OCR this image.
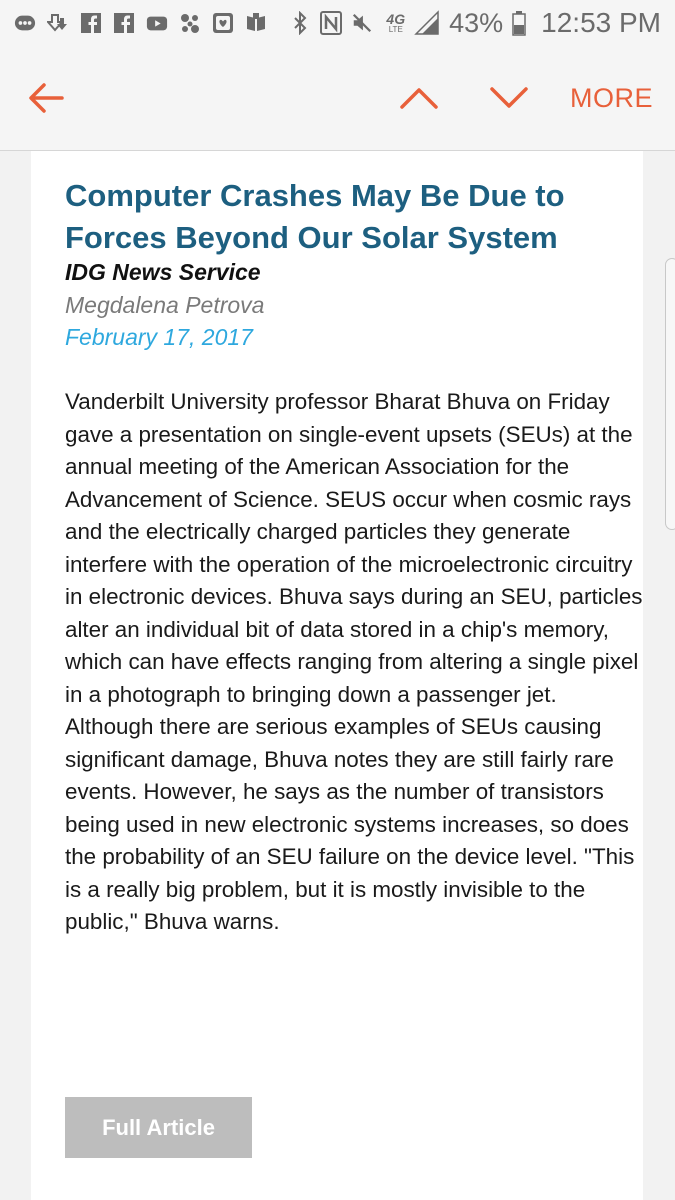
4G
LTE 43% 12:53 PM
MORE
Computer Crashes May Be Due to Forces Beyond Our Solar System
IDG News Service
Megdalena Petrova
February 17, 2017

Vanderbilt University professor Bharat Bhuva on Friday gave a presentation on single-event upsets (SEUs) at the annual meeting of the American Association for the Advancement of Science. SEUS occur when cosmic rays and the electrically charged particles they generate interfere with the operation of the microelectronic circuitry in electronic devices. Bhuva says during an SEU, particles alter an individual bit of data stored in a chip's memory, which can have effects ranging from altering a single pixel in a photograph to bringing down a passenger jet. Although there are serious examples of SEUs causing significant damage, Bhuva notes they are still fairly rare events. However, he says as the number of transistors being used in new electronic systems increases, so does the probability of an SEU failure on the device level. "This is a really big problem, but it is mostly invisible to the public," Bhuva warns.

Full Article
